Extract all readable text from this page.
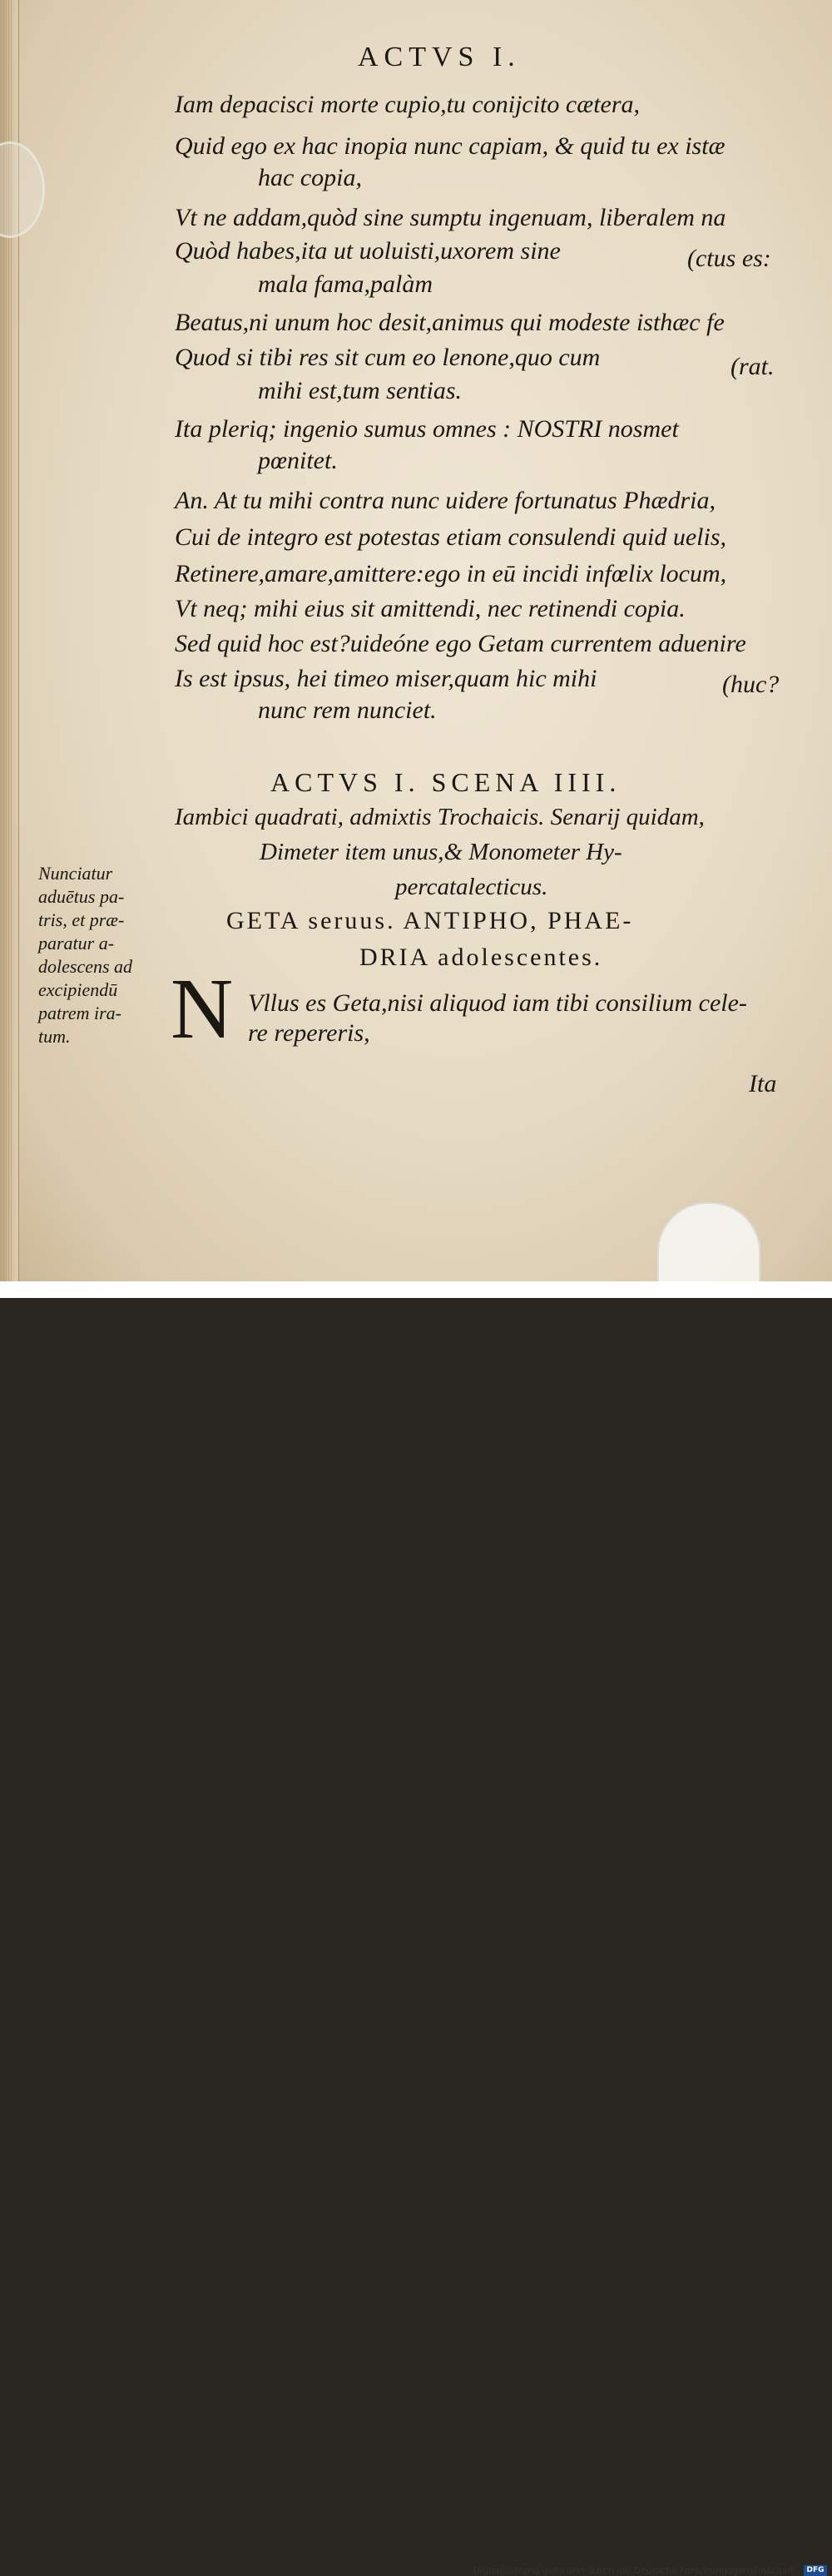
ACTVS I.
Iam depacisci morte cupio,tu conijcito cætera,
Quid ego ex hac inopia nunc capiam, & quid tu ex istæ
hac copia,
Vt ne addam,quòd sine sumptu ingenuam, liberalem na
Quòd habes,ita ut uoluisti,uxorem sine	(ctus es:
mala fama,palàm
Beatus,ni unum hoc desit,animus qui modeste isthæc fe
Quod si tibi res sit cum eo lenone,quo cum	(rat.
mihi est,tum sentias.
Ita pleriq; ingenio sumus omnes : NOSTRI nosmet
pœnitet.
An. At tu mihi contra nunc uidere fortunatus Phædria,
Cui de integro est potestas etiam consulendi quid uelis,
Retinere,amare,amittere:ego in eū incidi infœlix locum,
Vt neq; mihi eius sit amittendi, nec retinendi copia.
Sed quid hoc est?uideóne ego Getam currentem aduenire
Is est ipsus, hei timeo miser,quam hic mihi	(huc?
nunc rem nunciet.
ACTVS I. SCENA IIII.
Iambici quadrati, admixtis Trochaicis. Senarij quidam,
Dimeter item unus,& Monometer Hy-
percatalecticus.
GETA seruus. ANTIPHO, PHAE-
DRIA adolescentes.
N Vllus es Geta,nisi aliquod iam tibi consilium cele-
re repereris,
Nunciatur
aduētus pa-
tris, et præ-
paratur a-
dolescens ad
excipiendū
patrem ira-
tum.
Ita
Digitalisierung gefördert durch die Deutsche Forschungsgemeinschaft - DFG
